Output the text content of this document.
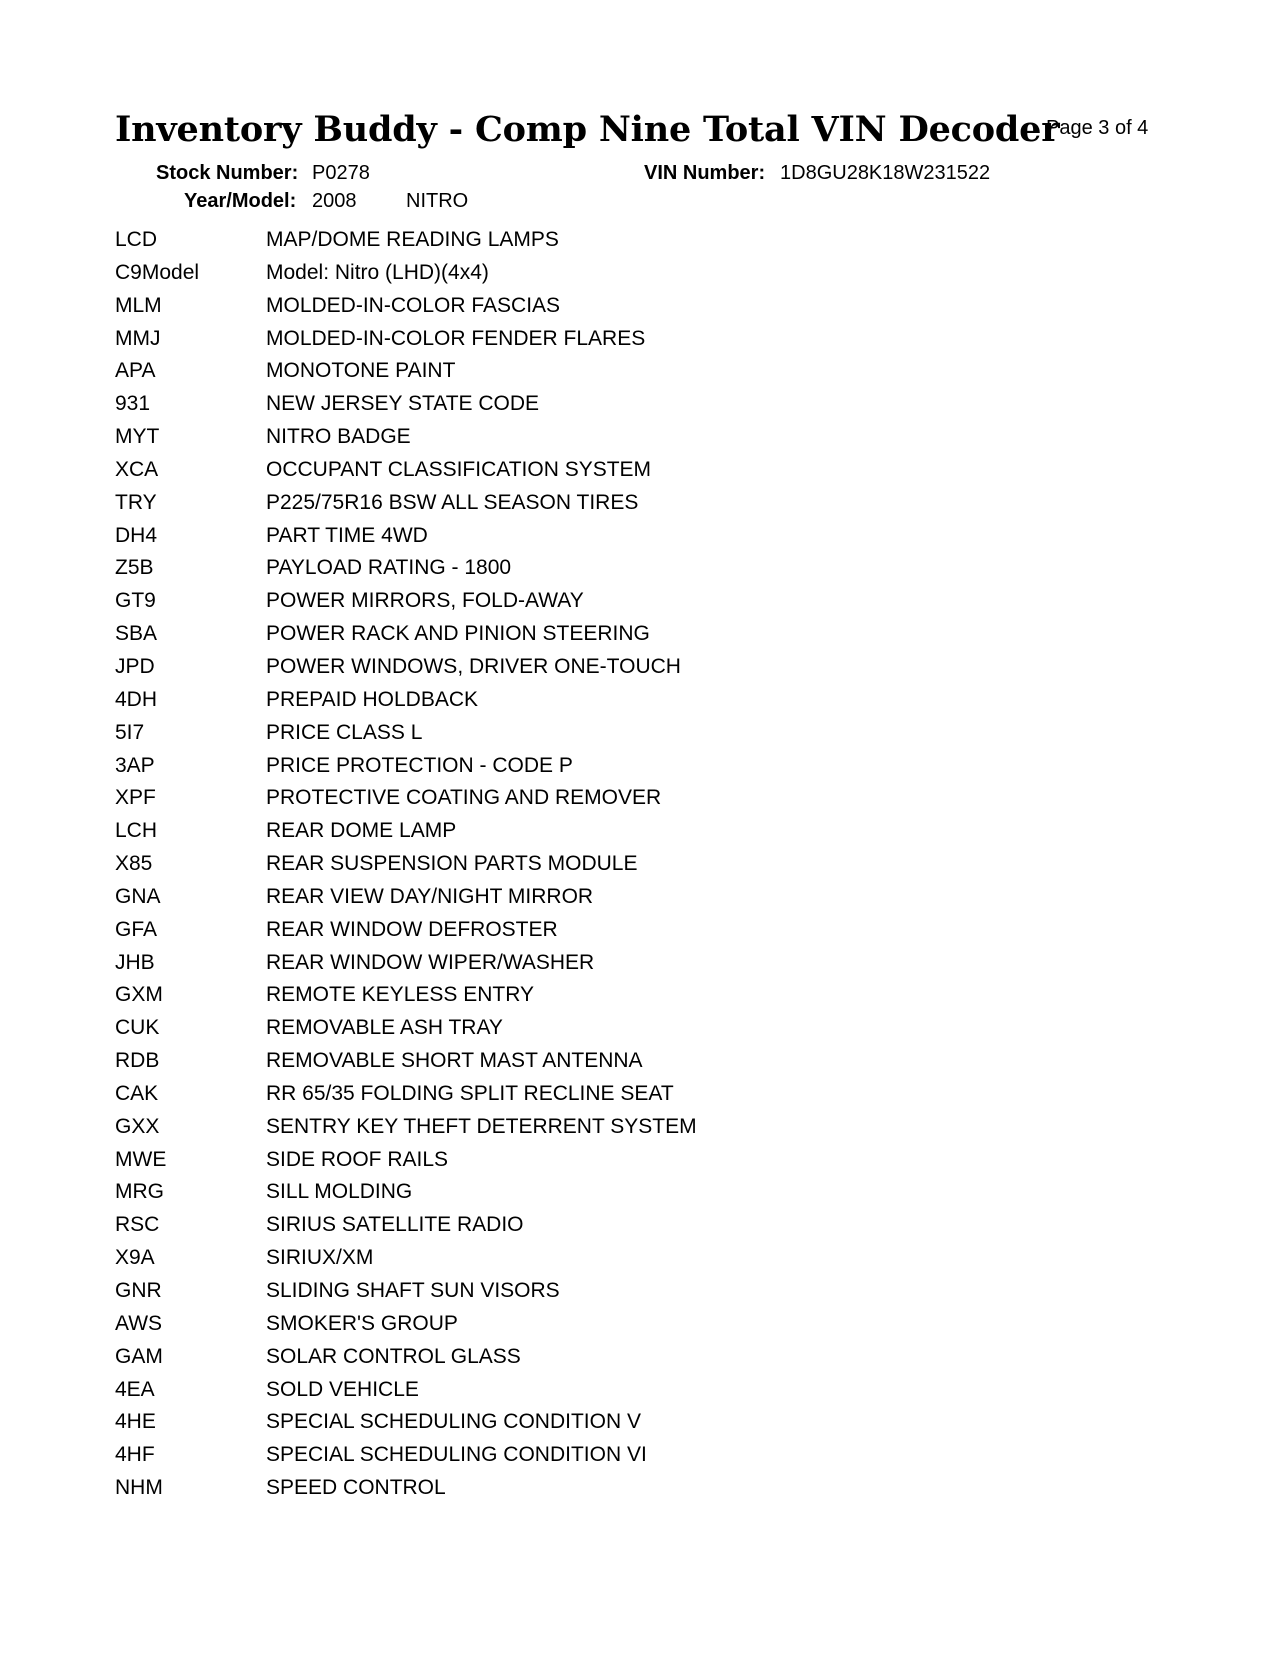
Inventory Buddy - Comp Nine Total VIN Decoder
Page 3 of 4
Stock Number: P0278	VIN Number: 1D8GU28K18W231522
Year/Model: 2008 NITRO
LCD	MAP/DOME READING LAMPS
C9Model	Model: Nitro (LHD)(4x4)
MLM	MOLDED-IN-COLOR FASCIAS
MMJ	MOLDED-IN-COLOR FENDER FLARES
APA	MONOTONE PAINT
931	NEW JERSEY STATE CODE
MYT	NITRO BADGE
XCA	OCCUPANT CLASSIFICATION SYSTEM
TRY	P225/75R16 BSW ALL SEASON TIRES
DH4	PART TIME 4WD
Z5B	PAYLOAD RATING - 1800
GT9	POWER MIRRORS, FOLD-AWAY
SBA	POWER RACK AND PINION STEERING
JPD	POWER WINDOWS, DRIVER ONE-TOUCH
4DH	PREPAID HOLDBACK
5I7	PRICE CLASS L
3AP	PRICE PROTECTION - CODE P
XPF	PROTECTIVE COATING AND REMOVER
LCH	REAR DOME LAMP
X85	REAR SUSPENSION PARTS MODULE
GNA	REAR VIEW DAY/NIGHT MIRROR
GFA	REAR WINDOW DEFROSTER
JHB	REAR WINDOW WIPER/WASHER
GXM	REMOTE KEYLESS ENTRY
CUK	REMOVABLE ASH TRAY
RDB	REMOVABLE SHORT MAST ANTENNA
CAK	RR 65/35 FOLDING SPLIT RECLINE SEAT
GXX	SENTRY KEY THEFT DETERRENT SYSTEM
MWE	SIDE ROOF RAILS
MRG	SILL MOLDING
RSC	SIRIUS SATELLITE RADIO
X9A	SIRIUX/XM
GNR	SLIDING SHAFT SUN VISORS
AWS	SMOKER'S GROUP
GAM	SOLAR CONTROL GLASS
4EA	SOLD VEHICLE
4HE	SPECIAL SCHEDULING CONDITION V
4HF	SPECIAL SCHEDULING CONDITION VI
NHM	SPEED CONTROL
